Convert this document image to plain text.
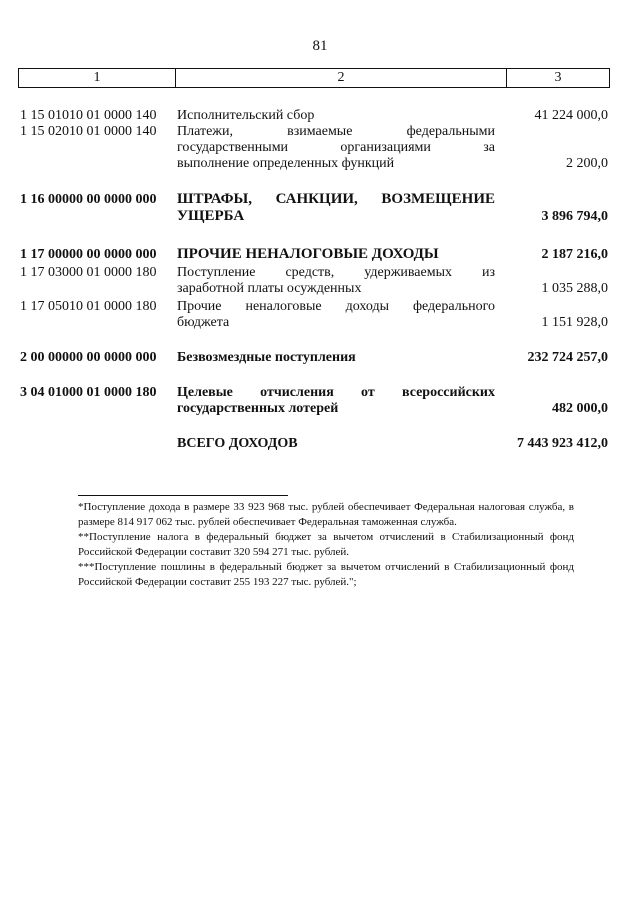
81
1	2	3
1 15 01010 01 0000 140 Исполнительский сбор	41 224 000,0
1 15 02010 01 0000 140 Платежи, взимаемые федеральными
государственными организациями за
выполнение определенных функций	2 200,0
1 16 00000 00 0000 000 ШТРАФЫ, САНКЦИИ, ВОЗМЕЩЕНИЕ
УЩЕРБА	3 896 794,0
1 17 00000 00 0000 000 ПРОЧИЕ НЕНАЛОГОВЫЕ ДОХОДЫ	2 187 216,0
1 17 03000 01 0000 180 Поступление средств, удерживаемых из
заработной платы осужденных	1 035 288,0
1 17 05010 01 0000 180 Прочие неналоговые доходы федерального
бюджета	1 151 928,0
2 00 00000 00 0000 000 Безвозмездные поступления	232 724 257,0
3 04 01000 01 0000 180 Целевые отчисления от всероссийских
государственных лотерей	482 000,0
ВСЕГО ДОХОДОВ	7 443 923 412,0
*Поступление дохода в размере 33 923 968 тыс. рублей обеспечивает Федеральная налоговая служба, в размере 814 917 062 тыс. рублей обеспечивает Федеральная таможенная служба.
**Поступление налога в федеральный бюджет за вычетом отчислений в Стабилизационный фонд Российской Федерации составит 320 594 271 тыс. рублей.
***Поступление пошлины в федеральный бюджет за вычетом отчислений в Стабилизационный фонд Российской Федерации составит 255 193 227 тыс. рублей.";
